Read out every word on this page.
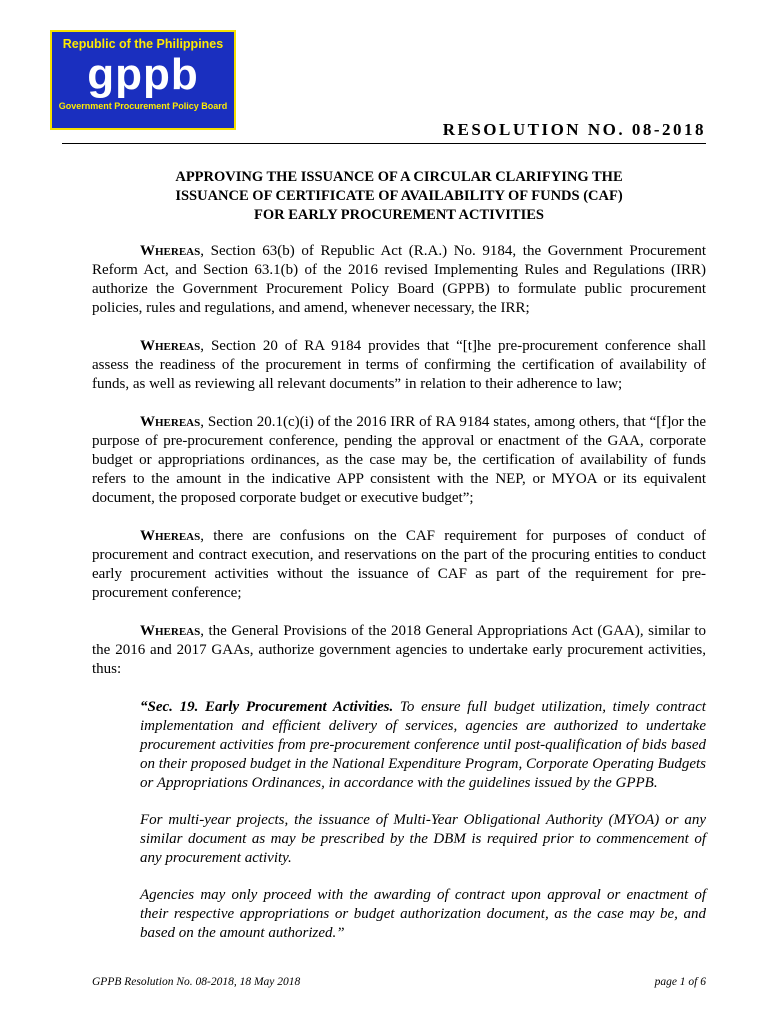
Republic of the Philippines
gppb
Government Procurement Policy Board
RESOLUTION NO. 08-2018
APPROVING THE ISSUANCE OF A CIRCULAR CLARIFYING THE
ISSUANCE OF CERTIFICATE OF AVAILABILITY OF FUNDS (CAF)
FOR EARLY PROCUREMENT ACTIVITIES

Whereas, Section 63(b) of Republic Act (R.A.) No. 9184, the Government Procurement Reform Act, and Section 63.1(b) of the 2016 revised Implementing Rules and Regulations (IRR) authorize the Government Procurement Policy Board (GPPB) to formulate public procurement policies, rules and regulations, and amend, whenever necessary, the IRR;

Whereas, Section 20 of RA 9184 provides that “[t]he pre-procurement conference shall assess the readiness of the procurement in terms of confirming the certification of availability of funds, as well as reviewing all relevant documents” in relation to their adherence to law;

Whereas, Section 20.1(c)(i) of the 2016 IRR of RA 9184 states, among others, that “[f]or the purpose of pre-procurement conference, pending the approval or enactment of the GAA, corporate budget or appropriations ordinances, as the case may be, the certification of availability of funds refers to the amount in the indicative APP consistent with the NEP, or MYOA or its equivalent document, the proposed corporate budget or executive budget”;

Whereas, there are confusions on the CAF requirement for purposes of conduct of procurement and contract execution, and reservations on the part of the procuring entities to conduct early procurement activities without the issuance of CAF as part of the requirement for pre-procurement conference;

Whereas, the General Provisions of the 2018 General Appropriations Act (GAA), similar to the 2016 and 2017 GAAs, authorize government agencies to undertake early procurement activities, thus:

“Sec. 19. Early Procurement Activities. To ensure full budget utilization, timely contract implementation and efficient delivery of services, agencies are authorized to undertake procurement activities from pre-procurement conference until post-qualification of bids based on their proposed budget in the National Expenditure Program, Corporate Operating Budgets or Appropriations Ordinances, in accordance with the guidelines issued by the GPPB.

For multi-year projects, the issuance of Multi-Year Obligational Authority (MYOA) or any similar document as may be prescribed by the DBM is required prior to commencement of any procurement activity.

Agencies may only proceed with the awarding of contract upon approval or enactment of their respective appropriations or budget authorization document, as the case may be, and based on the amount authorized.”

GPPB Resolution No. 08-2018, 18 May 2018	page 1 of 6
